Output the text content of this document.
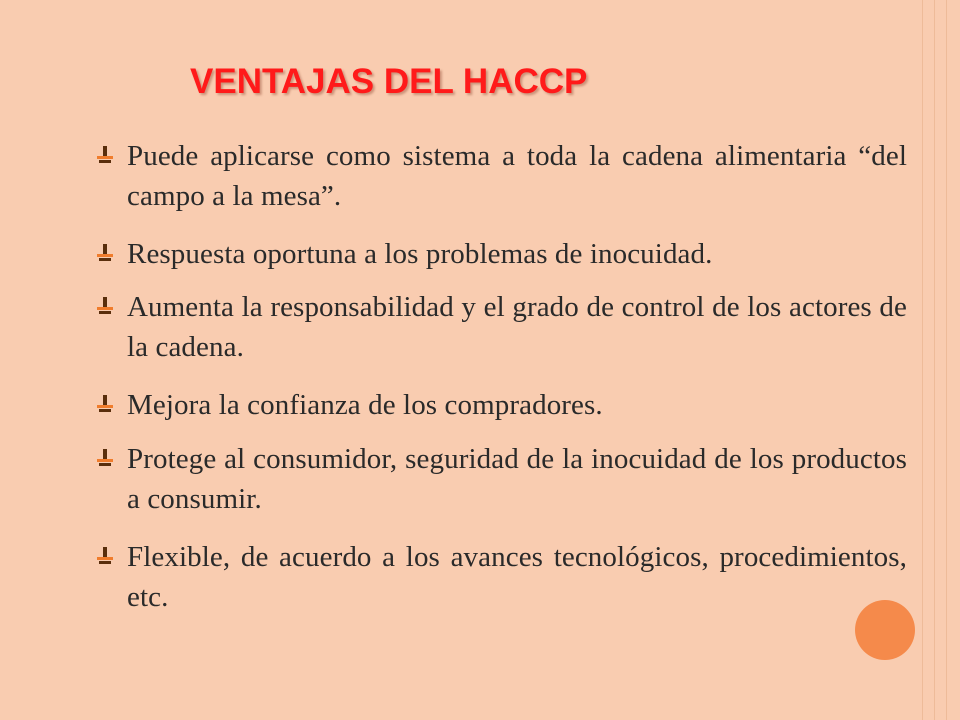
VENTAJAS DEL HACCP
Puede aplicarse como sistema a toda la cadena alimentaria “del campo a la mesa”.
Respuesta oportuna a los problemas de inocuidad.
Aumenta la responsabilidad y el grado de control de los actores de la cadena.
Mejora la confianza de los compradores.
Protege al consumidor, seguridad de la inocuidad de los productos a consumir.
Flexible, de acuerdo a los avances tecnológicos, procedimientos, etc.
